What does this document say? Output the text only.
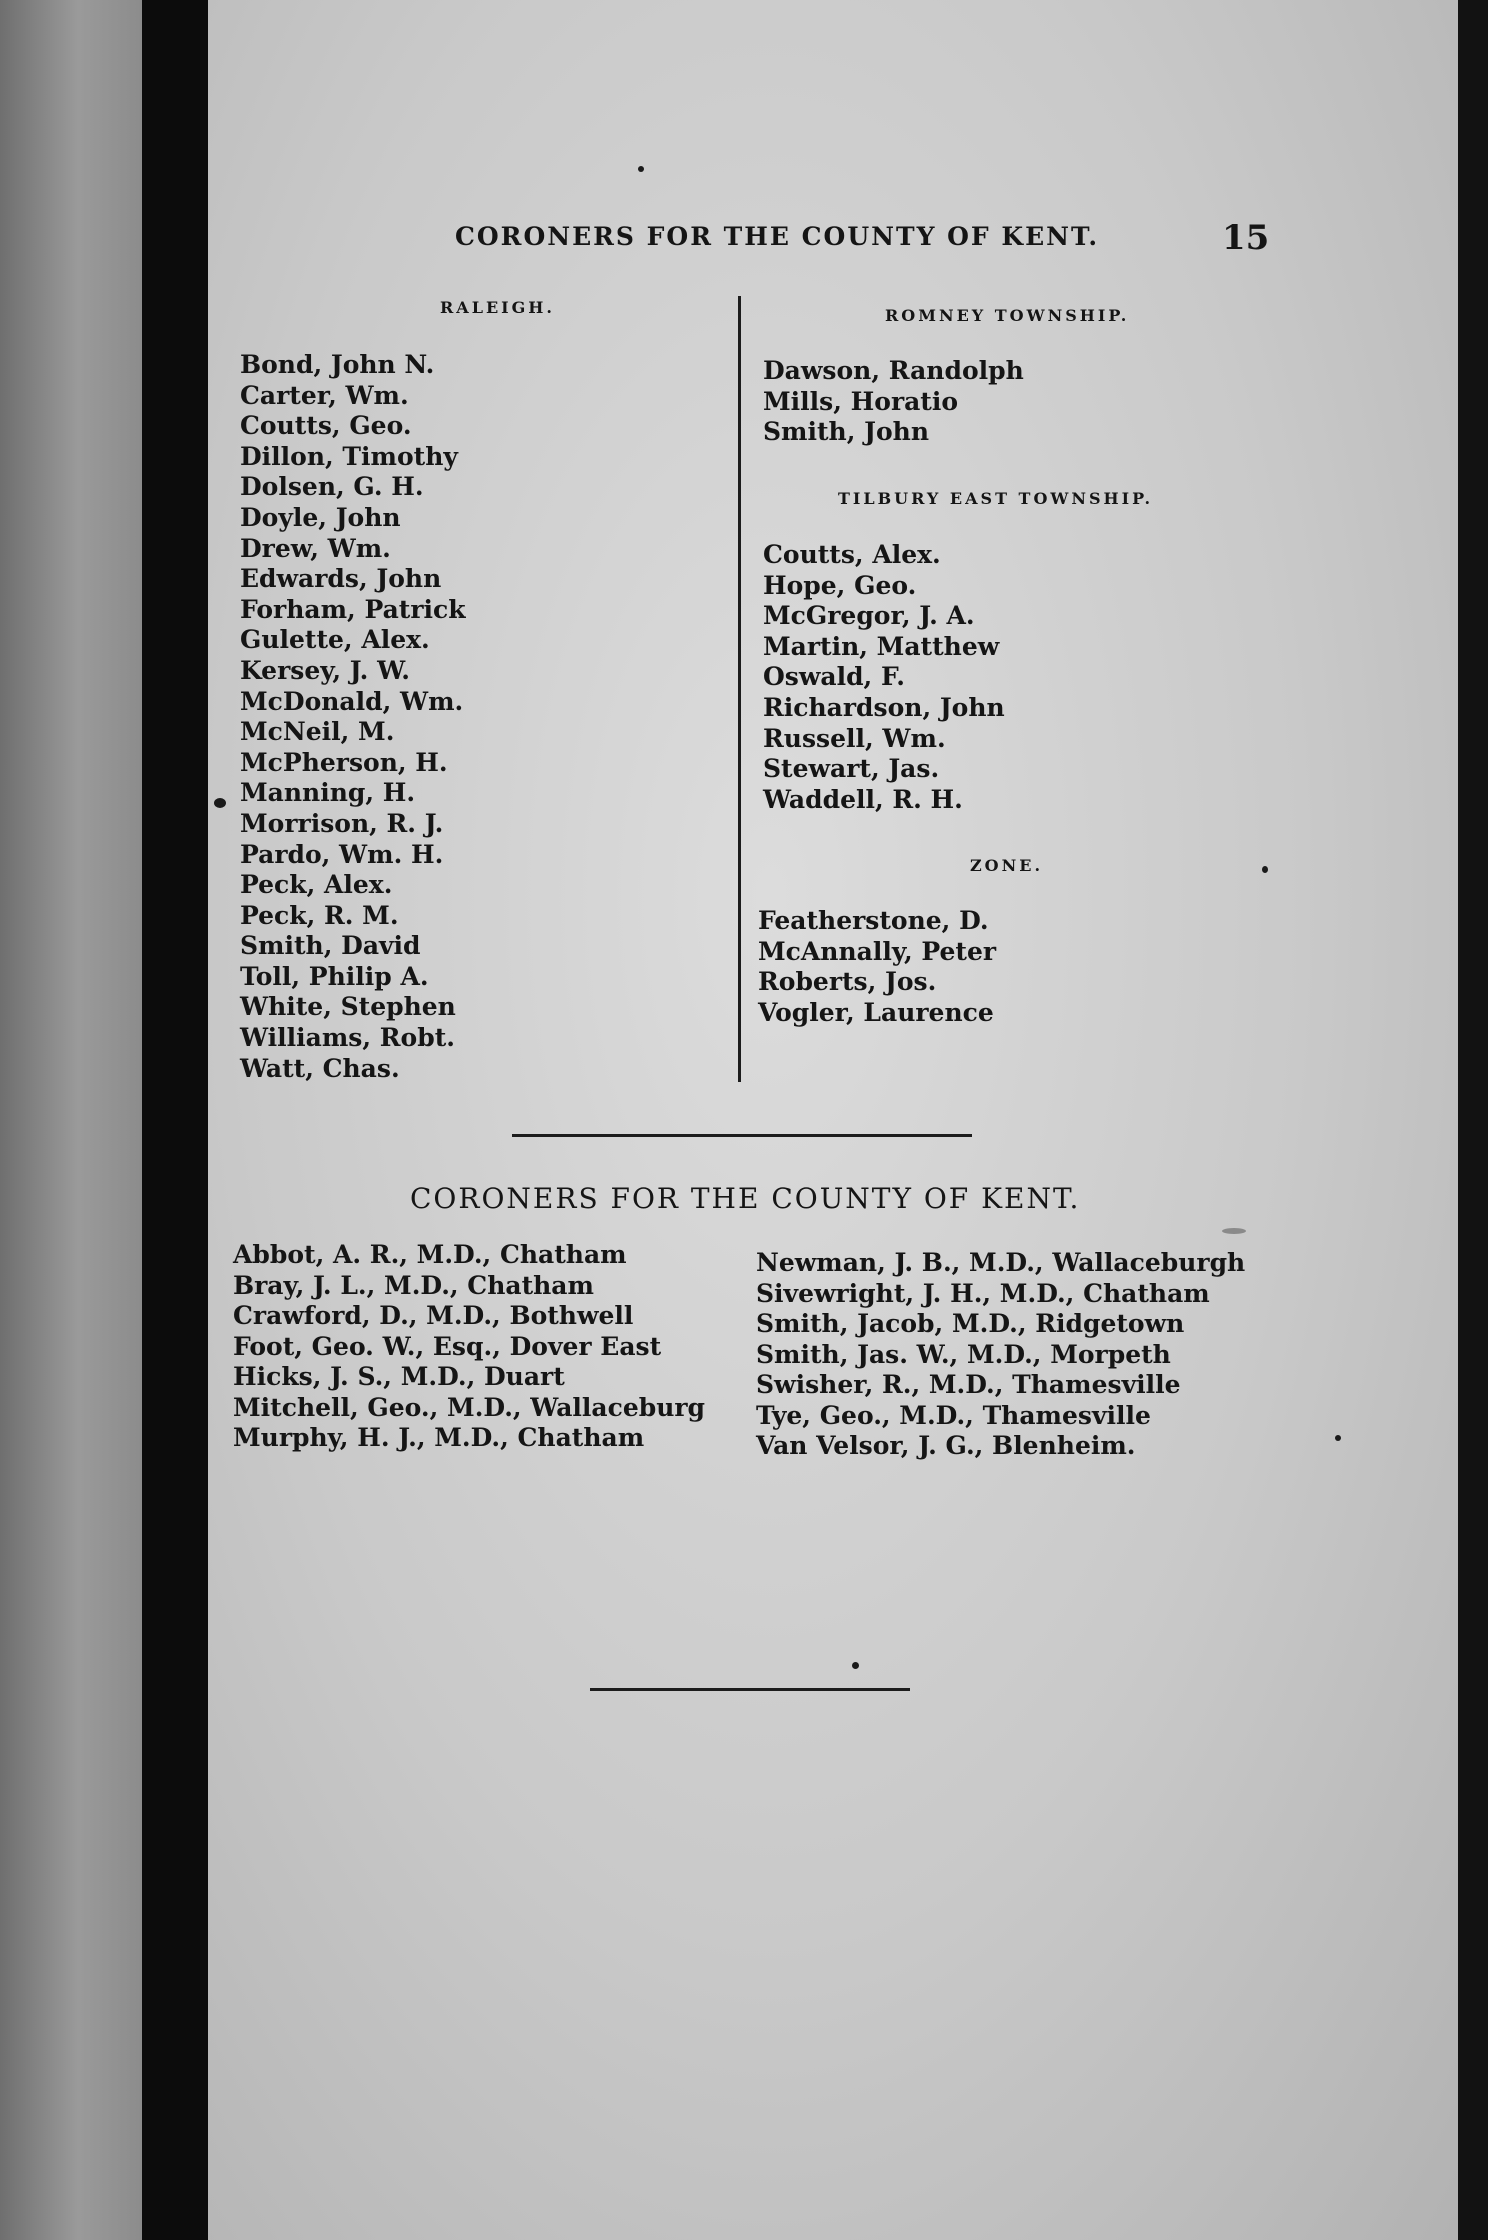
CORONERS FOR THE COUNTY OF KENT.	15
RALEIGH.
Bond, John N.
Carter, Wm.
Coutts, Geo.
Dillon, Timothy
Dolsen, G. H.
Doyle, John
Drew, Wm.
Edwards, John
Forham, Patrick
Gulette, Alex.
Kersey, J. W.
McDonald, Wm.
McNeil, M.
McPherson, H.
Manning, H.
Morrison, R. J.
Pardo, Wm. H.
Peck, Alex.
Peck, R. M.
Smith, David
Toll, Philip A.
White, Stephen
Williams, Robt.
Watt, Chas.
ROMNEY TOWNSHIP.
Dawson, Randolph
Mills, Horatio
Smith, John
TILBURY EAST TOWNSHIP.
Coutts, Alex.
Hope, Geo.
McGregor, J. A.
Martin, Matthew
Oswald, F.
Richardson, John
Russell, Wm.
Stewart, Jas.
Waddell, R. H.
ZONE.
Featherstone, D.
McAnnally, Peter
Roberts, Jos.
Vogler, Laurence
CORONERS FOR THE COUNTY OF KENT.
Abbot, A. R., M.D., Chatham
Bray, J. L., M.D., Chatham
Crawford, D., M.D., Bothwell
Foot, Geo. W., Esq., Dover East
Hicks, J. S., M.D., Duart
Mitchell, Geo., M.D., Wallaceburg
Murphy, H. J., M.D., Chatham
Newman, J. B., M.D., Wallaceburgh
Sivewright, J. H., M.D., Chatham
Smith, Jacob, M.D., Ridgetown
Smith, Jas. W., M.D., Morpeth
Swisher, R., M.D., Thamesville
Tye, Geo., M.D., Thamesville
Van Velsor, J. G., Blenheim.
